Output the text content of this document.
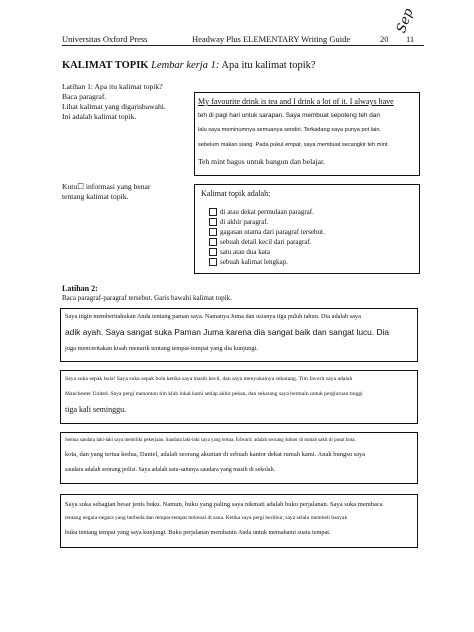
Universitas Oxford Press	Headway Plus ELEMENTARY Writing Guide	20 11
Sep
KALIMAT TOPIK Lembar kerja 1: Apa itu kalimat topik?
Latihan 1: Apa itu kalimat topik?
Baca paragraf.
Lihat kalimat yang digarisbawahi.
Ini adalah kalimat topik.
My favourite drink is tea and I drink a lot of it. I always have
teh di pagi hari untuk sarapan. Saya membuat sepoteng teh dan
lalu saya meminumnya semuanya sendiri. Terkadang saya punya pot lain.
sebelum makan siang. Pada pukul empat, saya membuat secangkir teh mint.
Teh mint bagus untuk bangun dan belajar.
Kutu☐ informasi yang benar
tentang kalimat topik.	Kalimat topik adalah:
di atau dekat permulaan paragraf.
di akhir paragraf.
gagasan utama dari paragraf tersebut.
sebuah detail kecil dari paragraf.
satu atau dua kata
sebuah kalimat lengkap.
Latihan 2:
Baca paragraf-paragraf tersebut. Garis bawahi kalimat topik.
Saya ingin memberitahukan Anda tentang paman saya. Namanya Juma dan usianya tiga puluh tahun. Dia adalah saya
adik ayah. Saya sangat suka Paman Juma karena dia sangat baik dan sangat lucu. Dia
juga menceritakan kisah menarik tentang tempat-tempat yang dia kunjungi.
Saya suka sepak bola! Saya suka sepak bola ketika saya masih kecil, dan saya menyukainya sekarang. Tim favorit saya adalah
Manchester United. Saya pergi menonton tim klub lokal kami setiap akhir pekan, dan sekarang saya bermain untuk pergiuruan tinggi
tiga kali seminggu.
Semua saudara laki-laki saya memiliki pekerjaan. Saudara laki-laki saya yang tertua, Edward, adalah seorang dokter di rumah sakit di pusat kota.
kota, dan yang tertua kedua, Daniel, adalah seorang akuntan di sebuah kantor dekat rumah kami. Anak bungsu saya
saudara adalah seorang polisi. Saya adalah satu-satunya saudara yang masih di sekolah.
Saya suka sebagian besar jenis buku. Namun, buku yang paling saya nikmati adalah buku perjalanan. Saya suka membaca
tentang negara-negara yang berbeda dan tempat-tempat terkenal di sana. Ketika saya pergi berlibur, saya selalu membeli banyak
buku tentang tempat yang saya kunjungi. Buku perjalanan membantu Anda untuk memahami suatu tempat.
